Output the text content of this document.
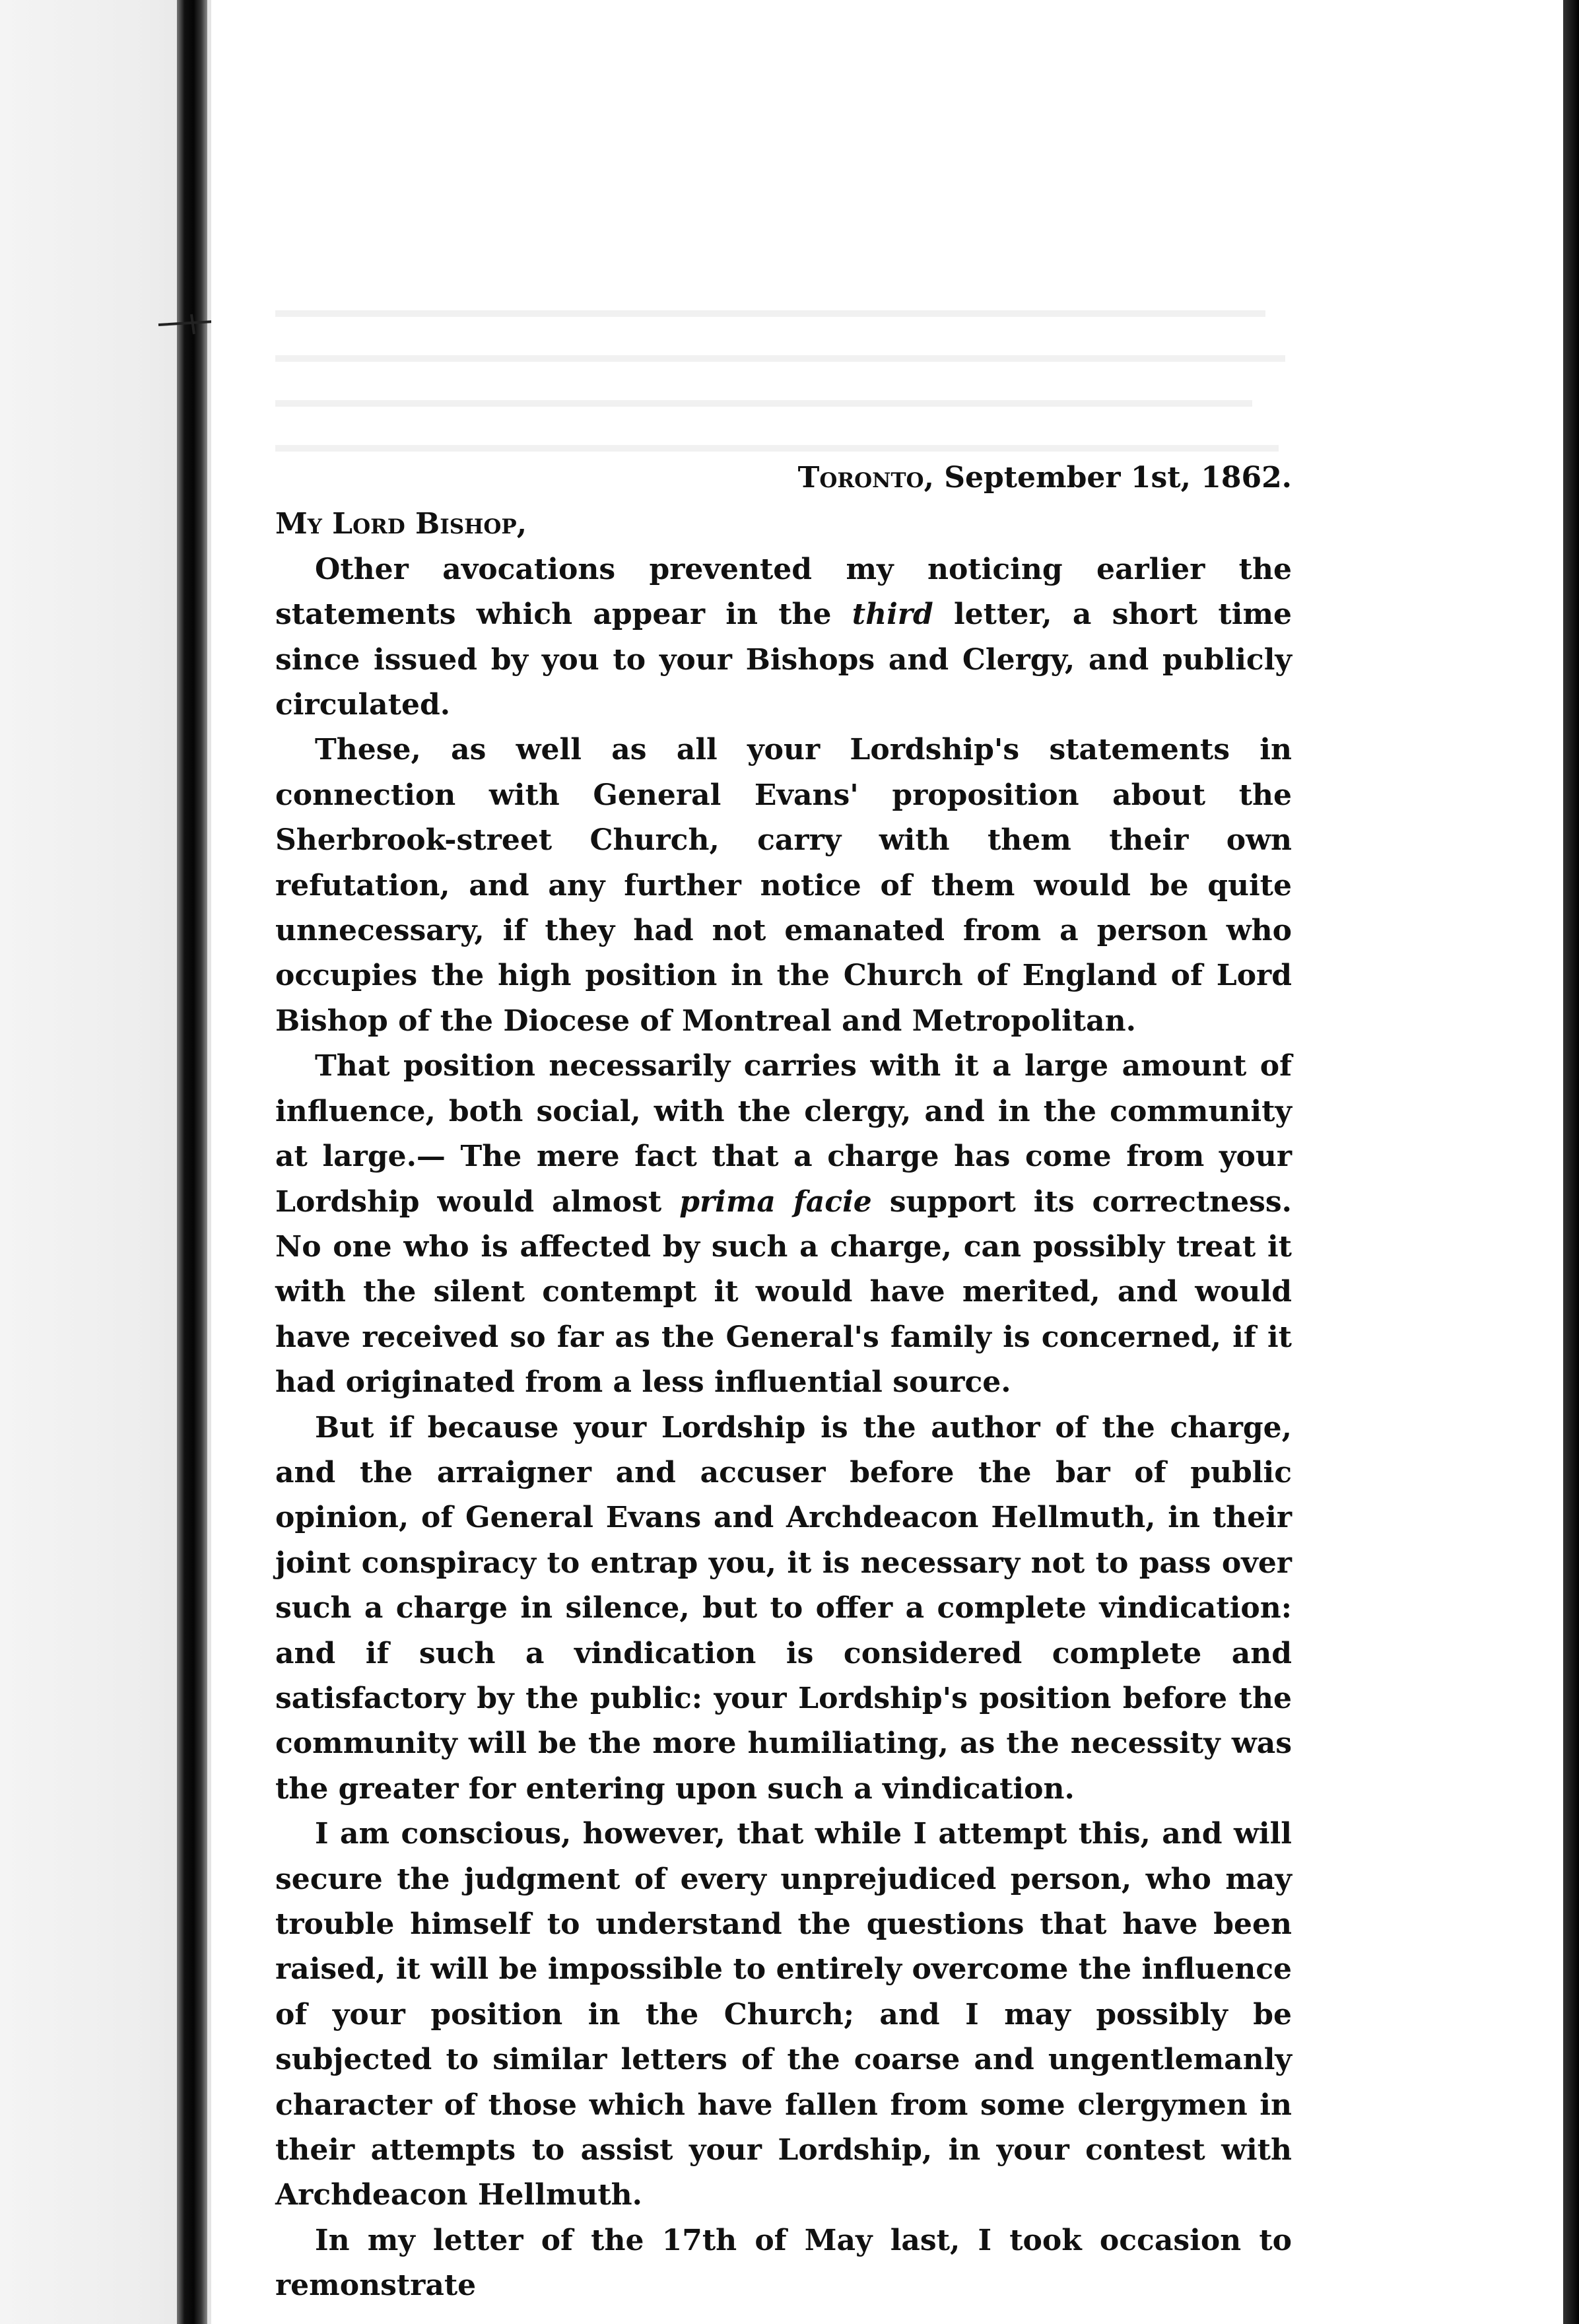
Toronto, September 1st, 1862.

My Lord Bishop,

Other avocations prevented my noticing earlier the statements which appear in the third letter, a short time since issued by you to your Bishops and Clergy, and publicly circulated.

These, as well as all your Lordship's statements in connection with General Evans' proposition about the Sherbrook-street Church, carry with them their own refutation, and any further notice of them would be quite unnecessary, if they had not emanated from a person who occupies the high position in the Church of England of Lord Bishop of the Diocese of Montreal and Metropolitan.

That position necessarily carries with it a large amount of influence, both social, with the clergy, and in the community at large.— The mere fact that a charge has come from your Lordship would almost prima facie support its correctness. No one who is affected by such a charge, can possibly treat it with the silent contempt it would have merited, and would have received so far as the General's family is concerned, if it had originated from a less influential source.

But if because your Lordship is the author of the charge, and the arraigner and accuser before the bar of public opinion, of General Evans and Archdeacon Hellmuth, in their joint conspiracy to entrap you, it is necessary not to pass over such a charge in silence, but to offer a complete vindication: and if such a vindication is considered complete and satisfactory by the public: your Lordship's position before the community will be the more humiliating, as the necessity was the greater for entering upon such a vindication.

I am conscious, however, that while I attempt this, and will secure the judgment of every unprejudiced person, who may trouble himself to understand the questions that have been raised, it will be impossible to entirely overcome the influence of your position in the Church; and I may possibly be subjected to similar letters of the coarse and ungentlemanly character of those which have fallen from some clergymen in their attempts to assist your Lordship, in your contest with Archdeacon Hellmuth.

In my letter of the 17th of May last, I took occasion to remonstrate
